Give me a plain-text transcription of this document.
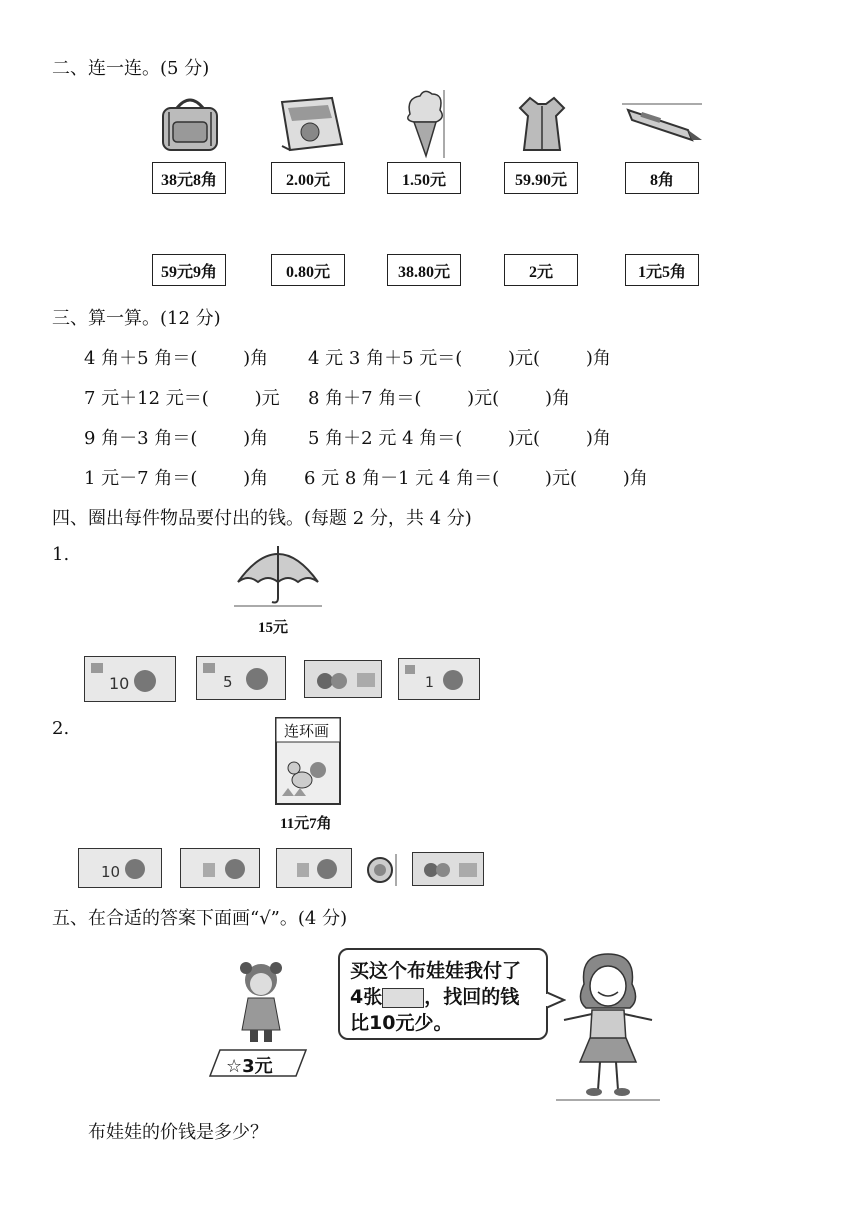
二、连一连。(5 分)
38元8角	2.00元	1.50元	59.90元	8角
59元9角	0.80元	38.80元	2元	1元5角
三、算一算。(12 分)
4 角＋5 角＝(        )角 4 元 3 角＋5 元＝(        )元(        )角
7 元＋12 元＝(        )元 8 角＋7 角＝(        )元(        )角
9 角－3 角＝(        )角 5 角＋2 元 4 角＝(        )元(        )角
1 元－7 角＝(        )角 6 元 8 角－1 元 4 角＝(        )元(        )角
四、圈出每件物品要付出的钱。(每题 2 分，共 4 分)
1.
15元
10	5	1
2.	连环画
11元7角
10
五、在合适的答案下面画“√”。(4 分)
☆3元
买这个布娃娃我付了
4张 ，找回的钱
比10元少。
布娃娃的价钱是多少？
